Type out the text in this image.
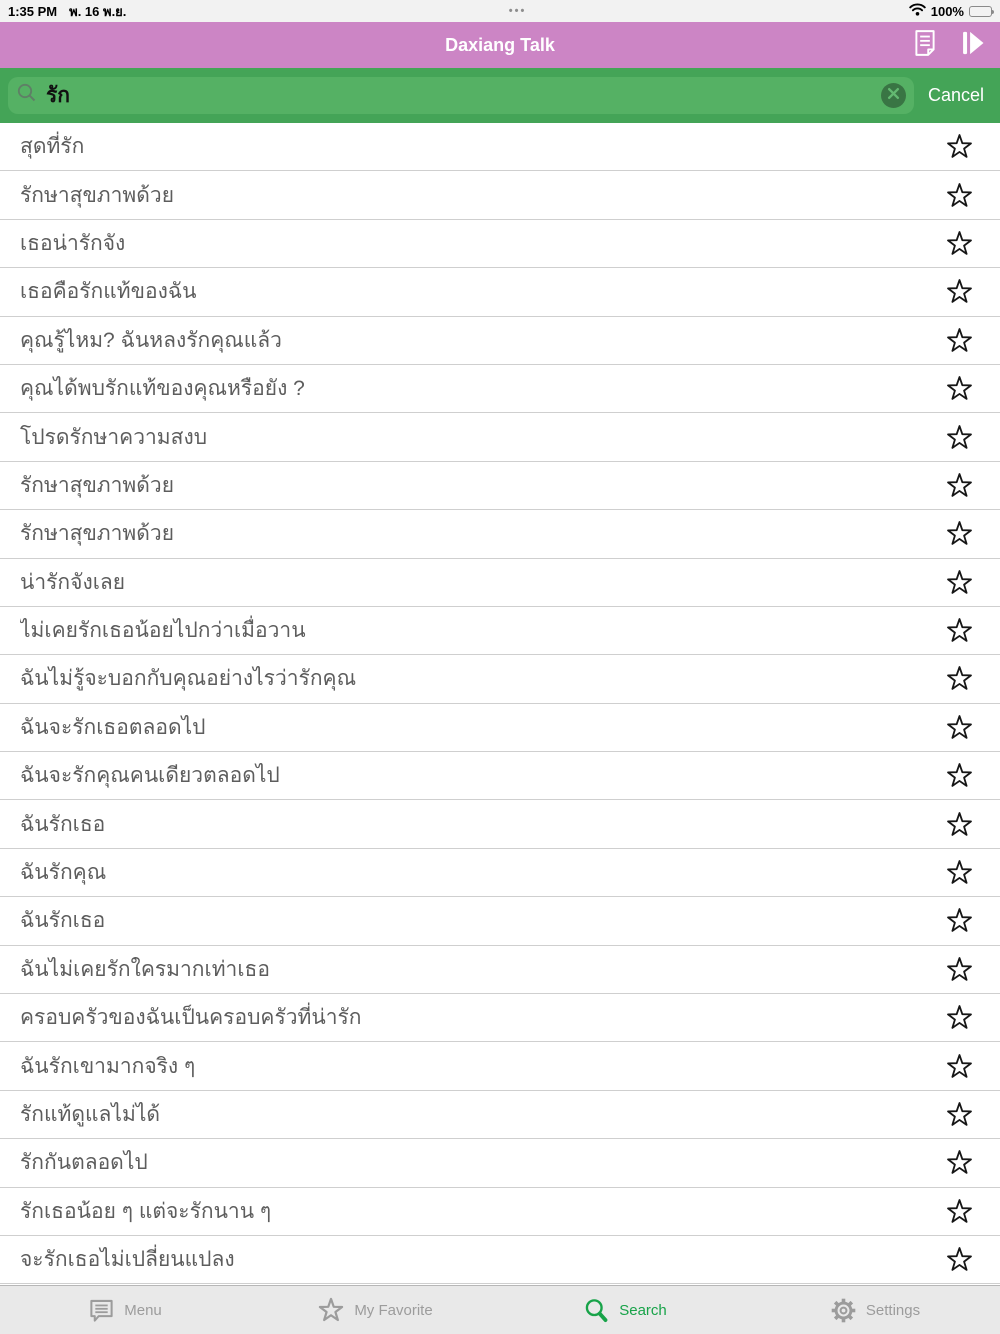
1:35 PM พ. 16 พ.ย.	•••	100%
Daxiang Talk
รัก	Cancel
สุดที่รัก
รักษาสุขภาพด้วย
เธอน่ารักจัง
เธอคือรักแท้ของฉัน
คุณรู้ไหม? ฉันหลงรักคุณแล้ว
คุณได้พบรักแท้ของคุณหรือยัง ?
โปรดรักษาความสงบ
รักษาสุขภาพด้วย
รักษาสุขภาพด้วย
น่ารักจังเลย
ไม่เคยรักเธอน้อยไปกว่าเมื่อวาน
ฉันไม่รู้จะบอกกับคุณอย่างไรว่ารักคุณ
ฉันจะรักเธอตลอดไป
ฉันจะรักคุณคนเดียวตลอดไป
ฉันรักเธอ
ฉันรักคุณ
ฉันรักเธอ
ฉันไม่เคยรักใครมากเท่าเธอ
ครอบครัวของฉันเป็นครอบครัวที่น่ารัก
ฉันรักเขามากจริง ๆ
รักแท้ดูแลไม่ได้
รักกันตลอดไป
รักเธอน้อย ๆ แต่จะรักนาน ๆ
จะรักเธอไม่เปลี่ยนแปลง
Menu	My Favorite	Search	Settings
